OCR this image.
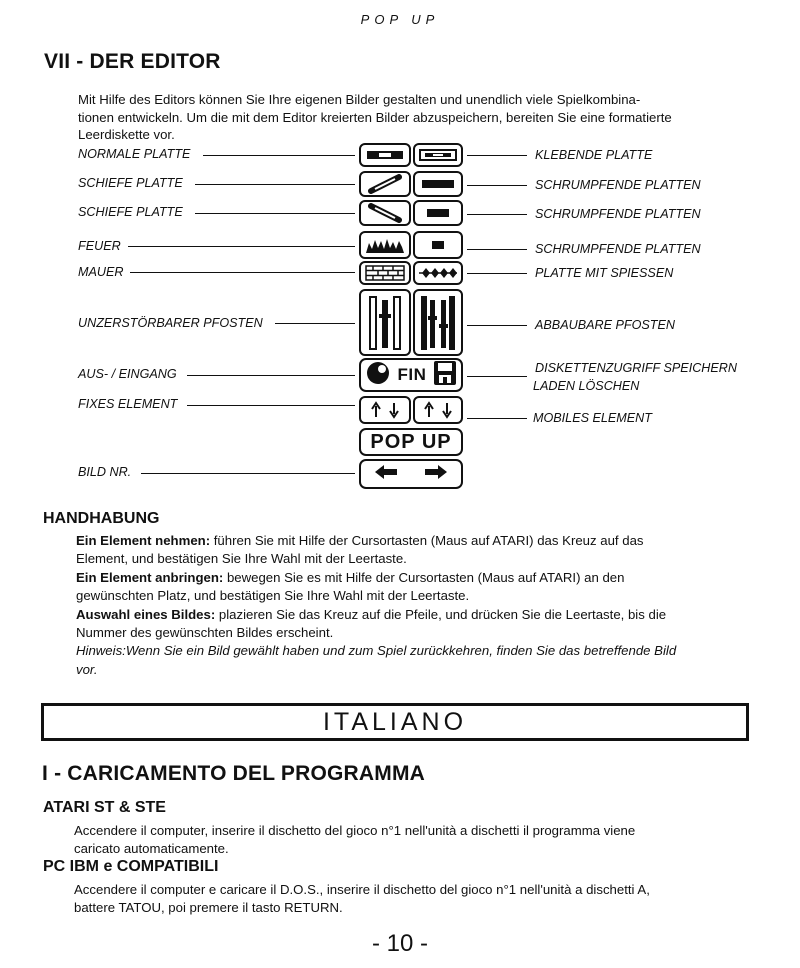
POP UP
VII - DER EDITOR
Mit Hilfe des Editors können Sie Ihre eigenen Bilder gestalten und unendlich viele Spielkombina-
tionen entwickeln. Um die mit dem Editor kreierten Bilder abzuspeichern, bereiten Sie eine formatierte
Leerdiskette vor.
NORMALE PLATTE
SCHIEFE PLATTE
SCHIEFE PLATTE
FEUER
MAUER
UNZERSTÖRBARER PFOSTEN
AUS- / EINGANG
FIXES ELEMENT
BILD NR.
KLEBENDE PLATTE
SCHRUMPFENDE PLATTEN
SCHRUMPFENDE PLATTEN
SCHRUMPFENDE PLATTEN
PLATTE MIT SPIESSEN
ABBAUBARE PFOSTEN
DISKETTENZUGRIFF SPEICHERN
LADEN LÖSCHEN
MOBILES ELEMENT
FIN
POP UP
HANDHABUNG
Ein Element nehmen: führen Sie mit Hilfe der Cursortasten (Maus auf ATARI) das Kreuz auf das
Element, und bestätigen Sie Ihre Wahl mit der Leertaste.
Ein Element anbringen: bewegen Sie es mit Hilfe der Cursortasten (Maus auf ATARI) an den
gewünschten Platz, und bestätigen Sie Ihre Wahl mit der Leertaste.
Auswahl eines Bildes: plazieren Sie das Kreuz auf die Pfeile, und drücken Sie die Leertaste, bis die
Nummer des gewünschten Bildes erscheint.
Hinweis:Wenn Sie ein Bild gewählt haben und zum Spiel zurückkehren, finden Sie das betreffende Bild
vor.
ITALIANO
I - CARICAMENTO DEL PROGRAMMA
ATARI ST & STE
Accendere il computer, inserire il dischetto del gioco n°1 nell'unità a dischetti il programma viene
caricato automaticamente.
PC IBM e COMPATIBILI
Accendere il computer e caricare il D.O.S., inserire il dischetto del gioco n°1 nell'unità a dischetti A,
battere TATOU, poi premere il tasto RETURN.
- 10 -
